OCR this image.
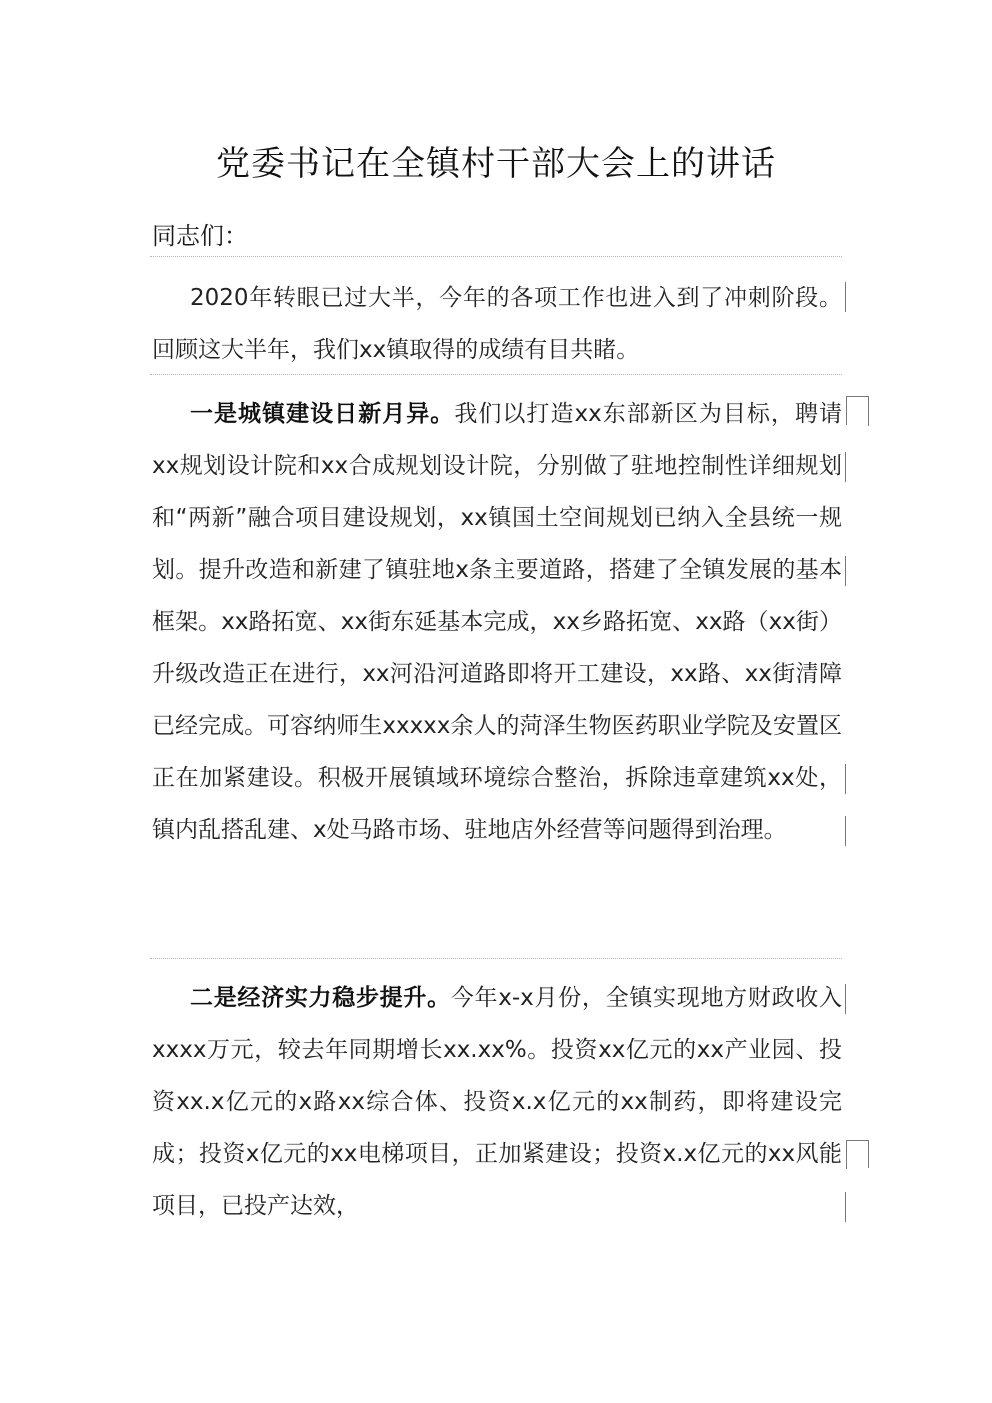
党委书记在全镇村干部大会上的讲话
同志们：
2020年转眼已过大半，今年的各项工作也进入到了冲刺阶段。回顾这大半年，我们xx镇取得的成绩有目共睹。
一是城镇建设日新月异。我们以打造xx东部新区为目标，聘请xx规划设计院和xx合成规划设计院，分别做了驻地控制性详细规划和“两新”融合项目建设规划，xx镇国土空间规划已纳入全县统一规划。提升改造和新建了镇驻地x条主要道路，搭建了全镇发展的基本框架。xx路拓宽、xx街东延基本完成，xx乡路拓宽、xx路（xx街）升级改造正在进行，xx河沿河道路即将开工建设，xx路、xx街清障已经完成。可容纳师生xxxxx余人的菏泽生物医药职业学院及安置区正在加紧建设。积极开展镇域环境综合整治，拆除违章建筑xx处，镇内乱搭乱建、x处马路市场、驻地店外经营等问题得到治理。
二是经济实力稳步提升。今年x-x月份，全镇实现地方财政收入xxxx万元，较去年同期增长xx.xx%。投资xx亿元的xx产业园、投资xx.x亿元的x路xx综合体、投资x.x亿元的xx制药，即将建设完成；投资x亿元的xx电梯项目，正加紧建设；投资x.x亿元的xx风能项目，已投产达效，
